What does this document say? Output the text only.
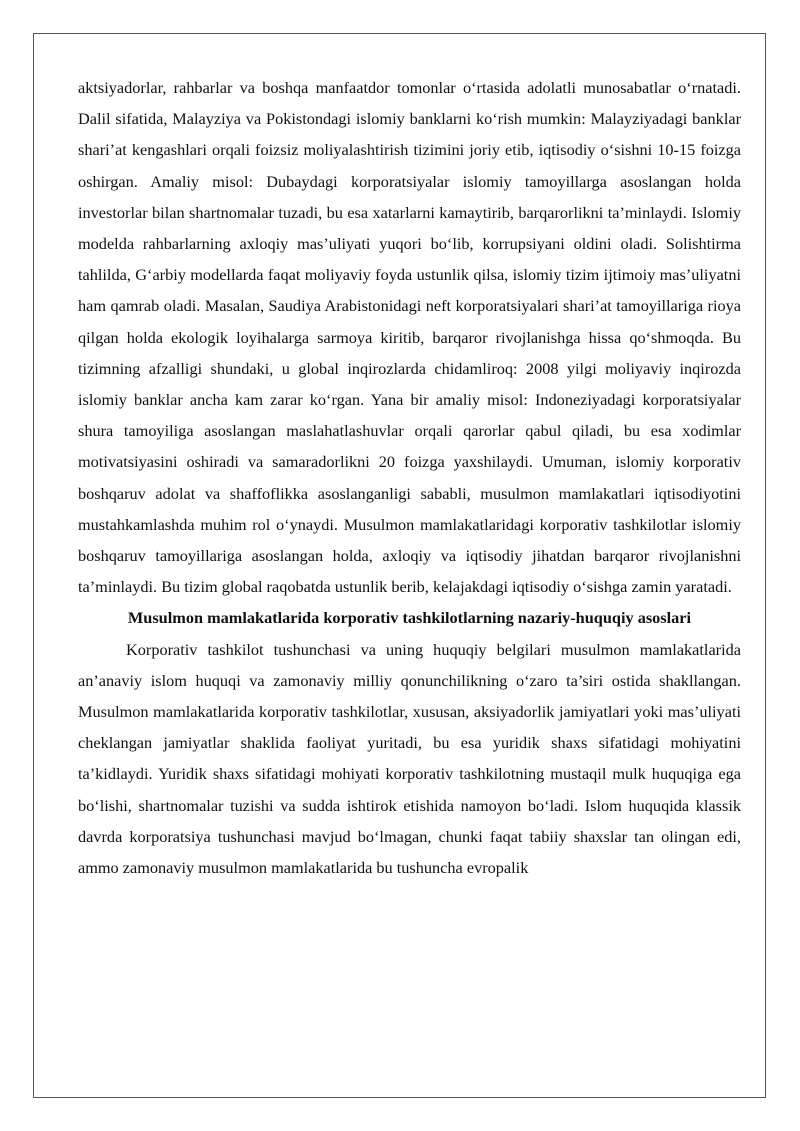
aktsiyadorlar, rahbarlar va boshqa manfaatdor tomonlar o‘rtasida adolatli munosabatlar o‘rnatadi. Dalil sifatida, Malayziya va Pokistondagi islomiy banklarni ko‘rish mumkin: Malayziyadagi banklar shari’at kengashlari orqali foizsiz moliyalashtirish tizimini joriy etib, iqtisodiy o‘sishni 10-15 foizga oshirgan. Amaliy misol: Dubaydagi korporatsiyalar islomiy tamoyillarga asoslangan holda investorlar bilan shartnomalar tuzadi, bu esa xatarlarni kamaytirib, barqarorlikni ta’minlaydi. Islomiy modelda rahbarlarning axloqiy mas’uliyati yuqori bo‘lib, korrupsiyani oldini oladi. Solishtirma tahlilda, G‘arbiy modellarda faqat moliyaviy foyda ustunlik qilsa, islomiy tizim ijtimoiy mas’uliyatni ham qamrab oladi. Masalan, Saudiya Arabistonidagi neft korporatsiyalari shari’at tamoyillariga rioya qilgan holda ekologik loyihalarga sarmoya kiritib, barqaror rivojlanishga hissa qo‘shmoqda. Bu tizimning afzalligi shundaki, u global inqirozlarda chidamliroq: 2008 yilgi moliyaviy inqirozda islomiy banklar ancha kam zarar ko‘rgan. Yana bir amaliy misol: Indoneziyadagi korporatsiyalar shura tamoyiliga asoslangan maslahatlashuvlar orqali qarorlar qabul qiladi, bu esa xodimlar motivatsiyasini oshiradi va samaradorlikni 20 foizga yaxshilaydi. Umuman, islomiy korporativ boshqaruv adolat va shaffoflikka asoslanganligi sababli, musulmon mamlakatlari iqtisodiyotini mustahkamlashda muhim rol o‘ynaydi. Musulmon mamlakatlaridagi korporativ tashkilotlar islomiy boshqaruv tamoyillariga asoslangan holda, axloqiy va iqtisodiy jihatdan barqaror rivojlanishni ta’minlaydi. Bu tizim global raqobatda ustunlik berib, kelajakdagi iqtisodiy o‘sishga zamin yaratadi.

Musulmon mamlakatlarida korporativ tashkilotlarning nazariy-huquqiy asoslari

Korporativ tashkilot tushunchasi va uning huquqiy belgilari musulmon mamlakatlarida an’anaviy islom huquqi va zamonaviy milliy qonunchilikning o‘zaro ta’siri ostida shakllangan. Musulmon mamlakatlarida korporativ tashkilotlar, xususan, aksiyadorlik jamiyatlari yoki mas’uliyati cheklangan jamiyatlar shaklida faoliyat yuritadi, bu esa yuridik shaxs sifatidagi mohiyatini ta’kidlaydi. Yuridik shaxs sifatidagi mohiyati korporativ tashkilotning mustaqil mulk huquqiga ega bo‘lishi, shartnomalar tuzishi va sudda ishtirok etishida namoyon bo‘ladi. Islom huquqida klassik davrda korporatsiya tushunchasi mavjud bo‘lmagan, chunki faqat tabiiy shaxslar tan olingan edi, ammo zamonaviy musulmon mamlakatlarida bu tushuncha evropalik
